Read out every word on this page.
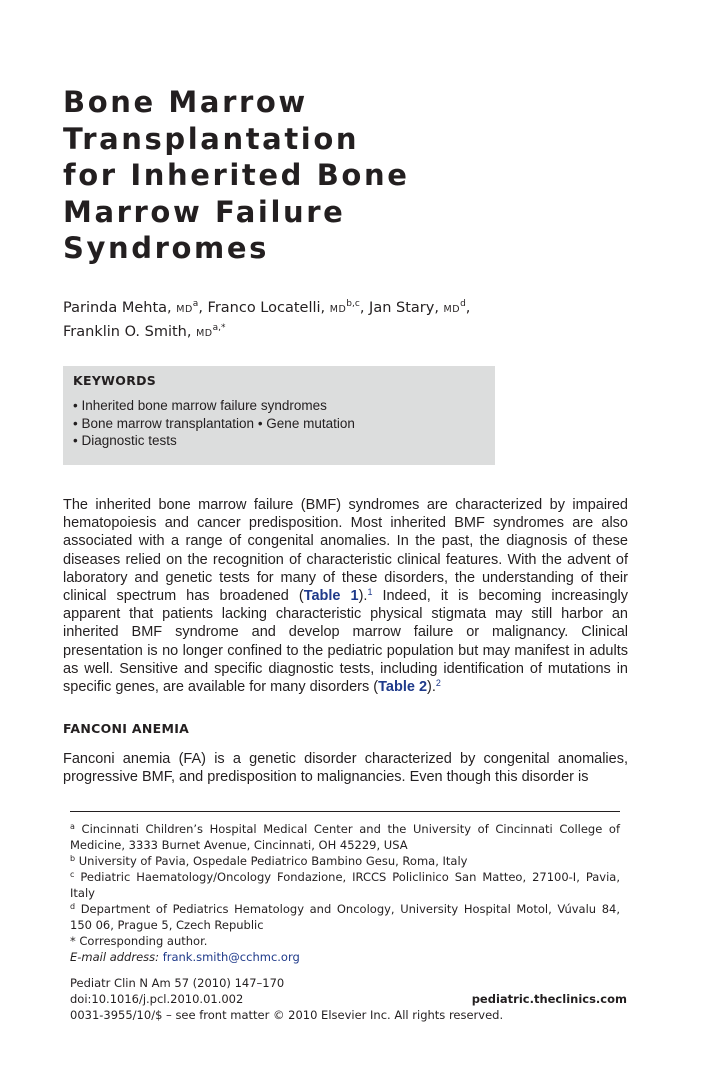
Bone Marrow
Transplantation
for Inherited Bone
Marrow Failure
Syndromes
Parinda Mehta, $MD^a$, Franco Locatelli, MD$^{b,c}$, Jan Stary, $MD^d$,
Franklin O. Smith, $MD^{a,*}$
KEYWORDS
• Inherited bone marrow failure syndromes
• Bone marrow transplantation • Gene mutation
• Diagnostic tests
The inherited bone marrow failure (BMF) syndromes are characterized by impaired hematopoiesis and cancer predisposition. Most inherited BMF syndromes are also associated with a range of congenital anomalies. In the past, the diagnosis of these diseases relied on the recognition of characteristic clinical features. With the advent of laboratory and genetic tests for many of these disorders, the understanding of their clinical spectrum has broadened (Table 1).$^1$ Indeed, it is becoming increasingly apparent that patients lacking characteristic physical stigmata may still harbor an inherited BMF syndrome and develop marrow failure or malignancy. Clinical presentation is no longer confined to the pediatric population but may manifest in adults as well. Sensitive and specific diagnostic tests, including identification of mutations in specific genes, are available for many disorders (Table 2).$^2$
FANCONI ANEMIA
Fanconi anemia (FA) is a genetic disorder characterized by congenital anomalies, progressive BMF, and predisposition to malignancies. Even though this disorder is
$^a$ Cincinnati Children’s Hospital Medical Center and the University of Cincinnati College of Medicine, 3333 Burnet Avenue, Cincinnati, OH 45229, USA
$^b$ University of Pavia, Ospedale Pediatrico Bambino Gesu, Roma, Italy
$^c$ Pediatric Haematology/Oncology Fondazione, IRCCS Policlinico San Matteo, 27100-I, Pavia, Italy
$^d$ Department of Pediatrics Hematology and Oncology, University Hospital Motol, Vúvalu 84, 150 06, Prague 5, Czech Republic
* Corresponding author.
E-mail address: frank.smith@cchmc.org
Pediatr Clin N Am 57 (2010) 147–170
doi:10.1016/j.pcl.2010.01.002
0031-3955/10/$ – see front matter © 2010 Elsevier Inc. All rights reserved.
pediatric.theclinics.com
